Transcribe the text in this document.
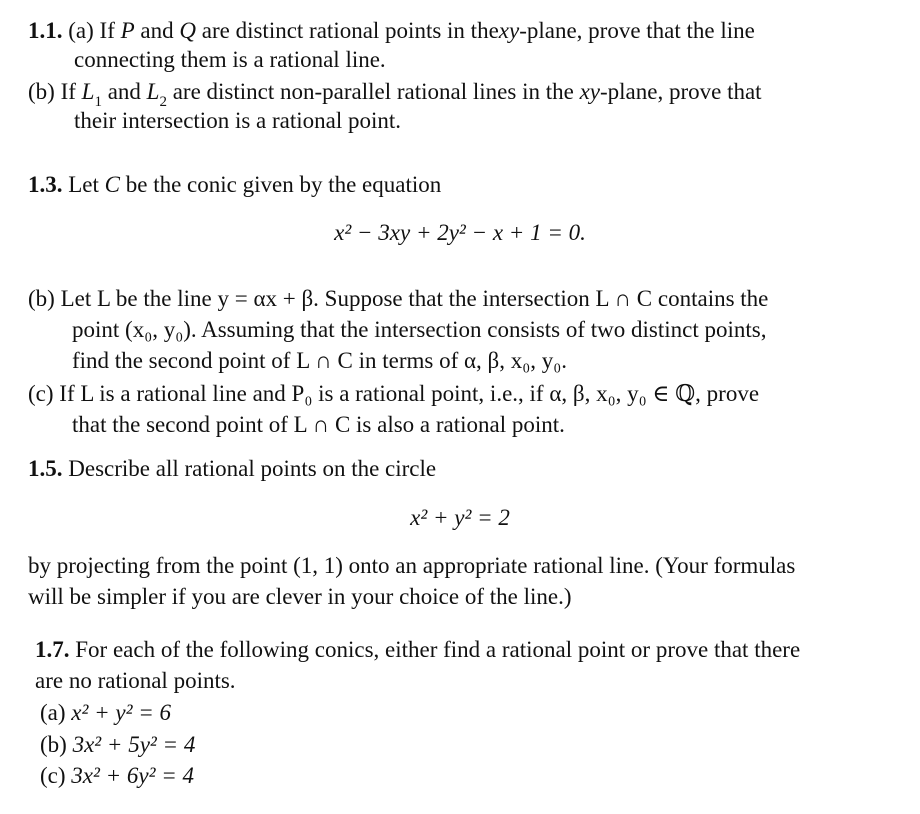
1.1. (a) If P and Q are distinct rational points in thexy-plane, prove that the line
connecting them is a rational line.
(b) If $L_1$ and $L_2$ are distinct non-parallel rational lines in the xy-plane, prove that
their intersection is a rational point.
1.3. Let C be the conic given by the equation
x² − 3xy + 2y² − x + 1 = 0.
(b) Let L be the line y = αx + β. Suppose that the intersection L ∩ C contains the
point (x₀, y₀). Assuming that the intersection consists of two distinct points,
find the second point of L ∩ C in terms of α, β, x₀, y₀.
(c) If L is a rational line and P₀ is a rational point, i.e., if α, β, x₀, y₀ ∈ ℚ, prove
that the second point of L ∩ C is also a rational point.
1.5. Describe all rational points on the circle
x² + y² = 2
by projecting from the point (1, 1) onto an appropriate rational line. (Your formulas
will be simpler if you are clever in your choice of the line.)
1.7. For each of the following conics, either find a rational point or prove that there
are no rational points.
(a) x² + y² = 6
(b) 3x² + 5y² = 4
(c) 3x² + 6y² = 4
